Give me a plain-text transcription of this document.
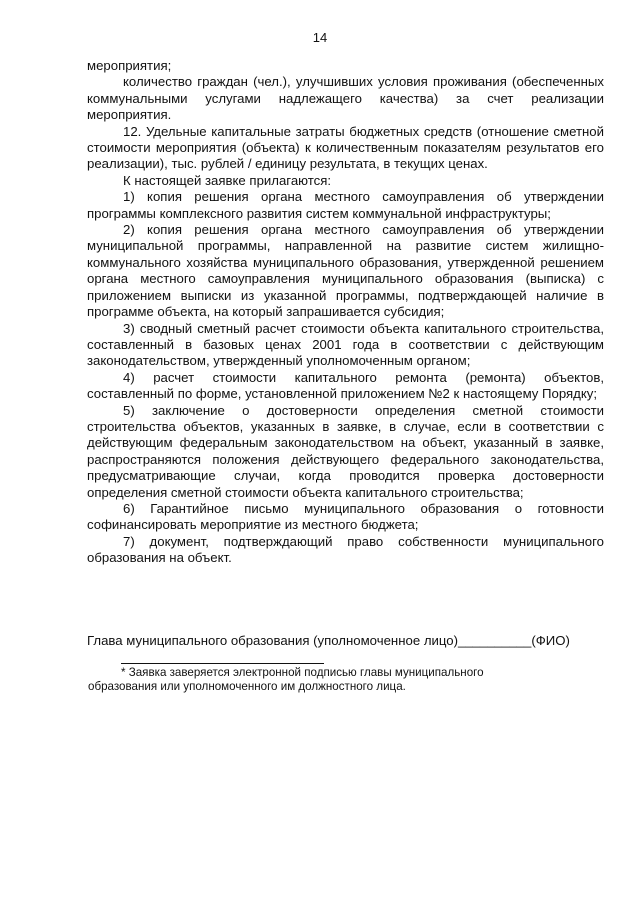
14

мероприятия;

количество граждан (чел.), улучшивших условия проживания (обеспеченных коммунальными услугами надлежащего качества) за счет реализации мероприятия.

12. Удельные капитальные затраты бюджетных средств (отношение сметной стоимости мероприятия (объекта) к количественным показателям результатов его реализации), тыс. рублей / единицу результата, в текущих ценах.

К настоящей заявке прилагаются:

1) копия решения органа местного самоуправления об утверждении программы комплексного развития систем коммунальной инфраструктуры;

2) копия решения органа местного самоуправления об утверждении муниципальной программы, направленной на развитие систем жилищно-коммунального хозяйства муниципального образования, утвержденной решением органа местного самоуправления муниципального образования (выписка) с приложением выписки из указанной программы, подтверждающей наличие в программе объекта, на который запрашивается субсидия;

3) сводный сметный расчет стоимости объекта капитального строительства, составленный в базовых ценах 2001 года в соответствии с действующим законодательством, утвержденный уполномоченным органом;

4) расчет стоимости капитального ремонта (ремонта) объектов, составленный по форме, установленной приложением №2 к настоящему Порядку;

5) заключение о достоверности определения сметной стоимости строительства объектов, указанных в заявке, в случае, если в соответствии с действующим федеральным законодательством на объект, указанный в заявке, распространяются положения действующего федерального законодательства, предусматривающие случаи, когда проводится проверка достоверности определения сметной стоимости объекта капитального строительства;

6) Гарантийное письмо муниципального образования о готовности софинансировать мероприятие из местного бюджета;

7) документ, подтверждающий право собственности муниципального образования на объект.

Глава муниципального образования (уполномоченное лицо)__________(ФИО)
* Заявка заверяется электронной подписью главы муниципального
образования или уполномоченного им должностного лица.
